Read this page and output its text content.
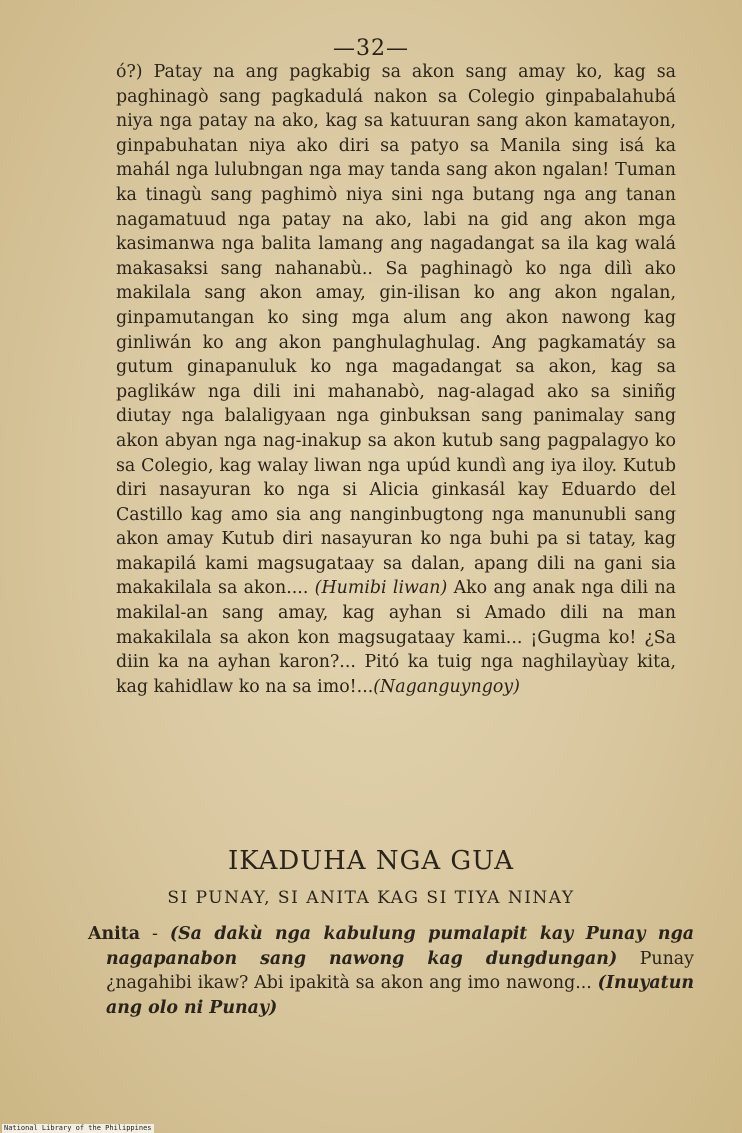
—32—

ó?) Patay na ang pagkabig sa akon sang amay ko, kag sa paghinagò sang pagkadulá nakon sa Colegio ginpabalahubá niya nga patay na ako, kag sa katuuran sang akon kamatayon, ginpabuhatan niya ako diri sa patyo sa Manila sing isá ka mahál nga lulubngan nga may tanda sang akon ngalan! Tuman ka tinagù sang paghimò niya sini nga butang nga ang tanan nagamatuud nga patay na ako, labi na gid ang akon mga kasimanwa nga balita lamang ang nagadangat sa ila kag walá makasaksi sang nahanabù.. Sa paghinagò ko nga dilì ako makilala sang akon amay, gin-ilisan ko ang akon ngalan, ginpamutangan ko sing mga alum ang akon nawong kag ginliwán ko ang akon panghulaghulag. Ang pagkamatáy sa gutum ginapanuluk ko nga magadangat sa akon, kag sa paglikáw nga dili ini mahanabò, nag-alagad ako sa siniñg diutay nga balaligyaan nga ginbuksan sang panimalay sang akon abyan nga nag-inakup sa akon kutub sang pagpalagyo ko sa Colegio, kag walay liwan nga upúd kundì ang iya iloy. Kutub diri nasayuran ko nga si Alicia ginkasál kay Eduardo del Castillo kag amo sia ang nanginbugtong nga manunubli sang akon amay Kutub diri nasayuran ko nga buhi pa si tatay, kag makapilá kami magsugataay sa dalan, apang dili na gani sia makakilala sa akon.... (Humibi liwan) Ako ang anak nga dili na makilal-an sang amay, kag ayhan si Amado dili na man makakilala sa akon kon magsugataay kami... ¡Gugma ko! ¿Sa diin ka na ayhan karon?... Pitó ka tuig nga naghilayùay kita, kag kahidlaw ko na sa imo!...(Naganguyngoy)

IKADUHA NGA GUA

SI PUNAY, SI ANITA KAG SI TIYA NINAY

Anita - (Sa dakù nga kabulung pumalapit kay Punay nga nagapanabon sang nawong kag dungdungan) Punay ¿nagahibi ikaw? Abi ipakità sa akon ang imo nawong... (Inuyatun ang olo ni Punay)

National Library of the Philippines
